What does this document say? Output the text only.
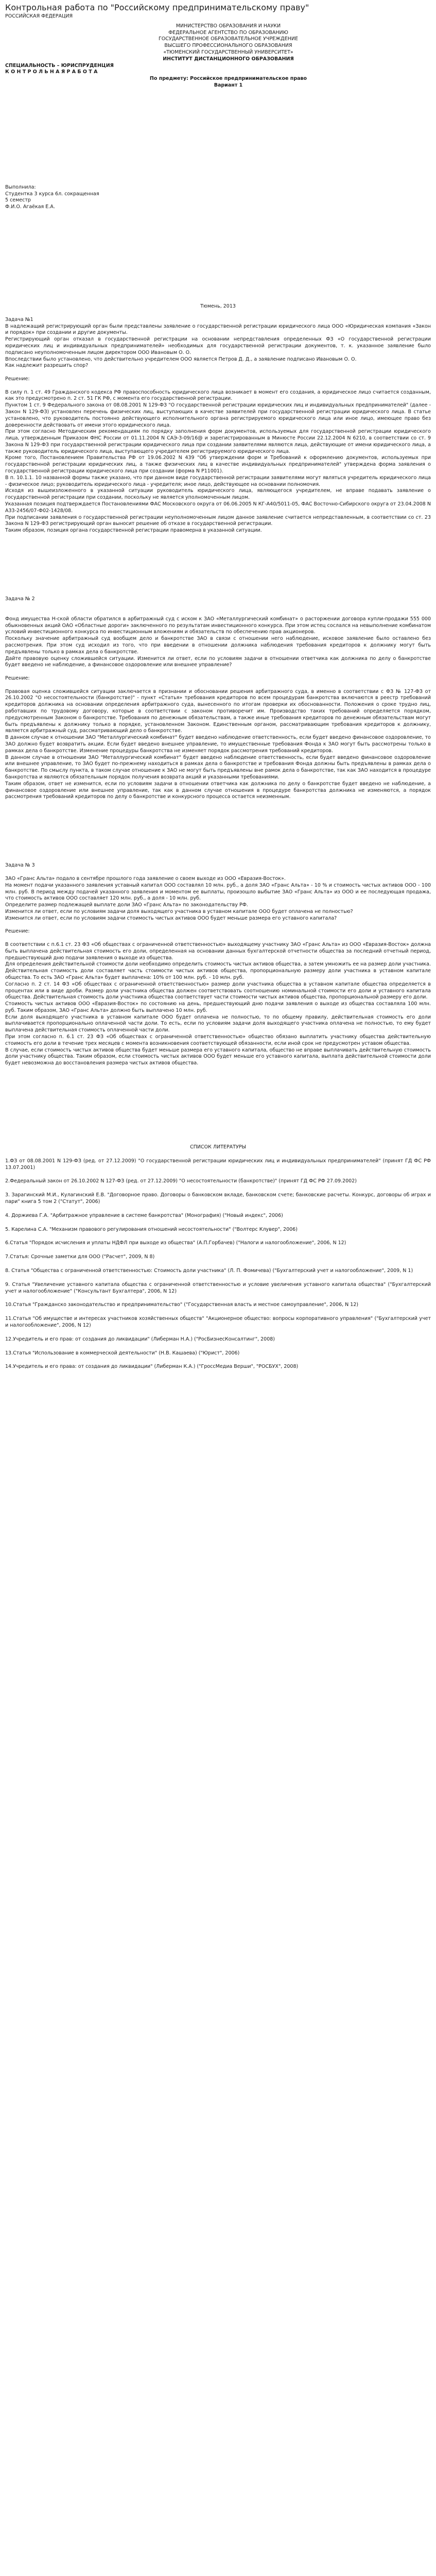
Контрольная работа по "Российскому предпринимательскому праву"

РОССИЙСКАЯ ФЕДЕРАЦИЯ

МИНИСТЕРСТВО ОБРАЗОВАНИЯ И НАУКИ

ФЕДЕРАЛЬНОЕ АГЕНТСТВО ПО ОБРАЗОВАНИЮ

ГОСУДАРСТВЕННОЕ ОБРАЗОВАТЕЛЬНОЕ УЧРЕЖДЕНИЕ

ВЫСШЕГО ПРОФЕССИОНАЛЬНОГО ОБРАЗОВАНИЯ

«ТЮМЕНСКИЙ ГОСУДАРСТВЕННЫЙ УНИВЕРСИТЕТ»

ИНСТИТУТ ДИСТАНЦИОННОГО ОБРАЗОВАНИЯ

СПЕЦИАЛЬНОСТЬ – ЮРИСПРУДЕНЦИЯ

К О Н Т Р О Л Ь Н А Я Р А Б О Т А

По предмету: Российское предпринимательское право

Вариант 1

Выполнила:

Студентка 3 курса 6л. сокращенная

5 семестр

Ф.И.О. Агаёкая Е.А.

Тюмень, 2013

Задача №1

В надлежащий регистрирующий орган были представлены заявление о государственной регистрации юридического лица ООО «Юридическая компания «Закон и порядок» при создании и другие документы.

Регистрирующий орган отказал в государственной регистрации на основании непредставления определенных ФЗ «О государственной регистрации юридических лиц и индивидуальных предпринимателей» необходимых для государственной регистрации документов, т. к. указанное заявление было подписано неуполномоченным лицом директором ООО Ивановым О. О.

Впоследствии было установлено, что действительно учредителем ООО является Петров Д. Д., а заявление подписано Ивановым О. О.

Как надлежит разрешить спор?

Решение:

В силу п. 1 ст. 49 Гражданского кодекса РФ правоспособность юридического лица возникает в момент его создания, а юридическое лицо считается созданным, как это предусмотрено п. 2 ст. 51 ГК РФ, с момента его государственной регистрации.

Пунктом 1 ст. 9 Федерального закона от 08.08.2001 N 129-ФЗ "О государственной регистрации юридических лиц и индивидуальных предпринимателей" (далее - Закон N 129-ФЗ) установлен перечень физических лиц, выступающих в качестве заявителей при государственной регистрации юридического лица. В статье установлено, что руководитель постоянно действующего исполнительного органа регистрируемого юридического лица или иное лицо, имеющее право без доверенности действовать от имени этого юридического лица.

При этом согласно Методическим рекомендациям по порядку заполнения форм документов, используемых для государственной регистрации юридического лица, утвержденным Приказом ФНС России от 01.11.2004 N САЭ-3-09/16@ и зарегистрированным в Минюсте России 22.12.2004 N 6210, в соответствии со ст. 9 Закона N 129-ФЗ при государственной регистрации юридического лица при создании заявителями являются лица, действующие от имени юридического лица, а также руководитель юридического лица, выступающего учредителем регистрируемого юридического лица.

Кроме того, Постановлением Правительства РФ от 19.06.2002 N 439 "Об утверждении форм и Требований к оформлению документов, используемых при государственной регистрации юридических лиц, а также физических лиц в качестве индивидуальных предпринимателей" утверждена форма заявления о государственной регистрации юридического лица при создании (форма N Р11001).

В п. 10.1.1. 10 названной формы также указано, что при данном виде государственной регистрации заявителями могут являться учредитель юридического лица - физическое лицо; руководитель юридического лица - учредителя; иное лицо, действующее на основании полномочия.

Исходя из вышеизложенного в указанной ситуации руководитель юридического лица, являющегося учредителем, не вправе подавать заявление о государственной регистрации при создании, поскольку не является уполномоченным лицом.

Указанная позиция подтверждается Постановлениями ФАС Московского округа от 06.06.2005 N КГ-А40/5011-05, ФАС Восточно-Сибирского округа от 23.04.2008 N А33-2456/07-Ф02-1428/08.

При подписании заявления о государственной регистрации неуполномоченным лицом данное заявление считается непредставленным, в соответствии со ст. 23 Закона N 129-ФЗ регистрирующий орган выносит решение об отказе в государственной регистрации.

Таким образом, позиция органа государственной регистрации правомерна в указанной ситуации.

Задача № 2

Фонд имущества Н-ской области обратился в арбитражный суд с иском к ЗАО «Металлургический комбинат» о расторжении договора купли-продажи 555 000 обыкновенных акций ОАО «Областные дороги» заключенного по результатам инвестиционного конкурса. При этом истец сослался на невыполнение комбинатом условий инвестиционного конкурса по инвестиционным вложениям и обязательств по обеспечению прав акционеров.

Поскольку значение арбитражный суд вообщем дело и банкротстве ЗАО в связи с отношении него наблюдение, исковое заявление было оставлено без рассмотрения. При этом суд исходил из того, что при введении в отношении должника наблюдения требования кредиторов к должнику могут быть предъявлены только в рамках дела о банкротстве.

Дайте правовую оценку сложившейся ситуации. Изменится ли ответ, если по условиям задачи в отношении ответчика как должника по делу о банкротстве будет введено не наблюдение, а финансовое оздоровление или внешнее управление?

Решение:

Правовая оценка сложившейся ситуации заключается в признании и обосновании решения арбитражного суда, в именно в соответствии с ФЗ № 127-ФЗ от 26.10.2002 "О несостоятельности (банкротстве)" - пункт «Статья» требования кредиторов по всем процедурам банкротства включаются в реестр требований кредиторов должника на основании определения арбитражного суда, вынесенного по итогам проверки их обоснованности. Положения о сроке трудно лиц, работавших по трудовому договору, которые в соответствии с законом противоречит им. Производство таких требований определяется порядком, предусмотренным Законом о банкротстве. Требования по денежным обязательствам, а также иные требования кредиторов по денежным обязательствам могут быть предъявлены к должнику только в порядке, установленном Законом. Единственным органом, рассматривающим требования кредиторов к должнику, является арбитражный суд, рассматривающий дело о банкротстве.

В данном случае к отношении ЗАО "Металлургический комбинат" будет введено наблюдение ответственность, если будет введено финансовое оздоровление, то ЗАО должно будет возвратить акции. Если будет введено внешнее управление, то имущественные требования Фонда к ЗАО могут быть рассмотрены только в рамках дела о банкротстве. Изменение процедуры банкротства не изменяет порядок рассмотрения требований кредиторов.

В данном случае в отношении ЗАО "Металлургический комбинат" будет введено наблюдение ответственность, если будет введено финансовое оздоровление или внешнее управление, то ЗАО будет по-прежнему находиться в рамках дела о банкротстве и требования Фонда должны быть предъявлены в рамках дела о банкротстве. По смыслу пункта, в таком случае отношение к ЗАО не могут быть предъявлены вне рамок дела о банкротстве, так как ЗАО находится в процедуре банкротства и являются обязательным порядок получения возврата акций и указанными требованиями.

Таким образом, ответ не изменится, если по условиям задачи в отношении ответчика как должника по делу о банкротстве будет введено не наблюдение, а финансовое оздоровление или внешнее управление, так как в данном случае отношения в процедуре банкротства должника не изменяются, а порядок рассмотрения требований кредиторов по делу о банкротстве и конкурсного процесса остается неизменным.

Задача № 3

ЗАО «Гранс Альта» подало в сентябре прошлого года заявление о своем выходе из ООО «Евразия-Восток».

На момент подачи указанного заявления уставный капитал ООО составлял 10 млн. руб., а доля ЗАО «Гранс Альта» - 10 % и стоимость чистых активов ООО - 100 млн. руб. В период между подачей указанного заявления и моментом ее выплаты, произошло выбытие ЗАО «Гранс Альта» из ООО и ее последующая продажа, что стоимость активов ООО составляет 120 млн. руб., а доля - 10 млн. руб.

Определите размер подлежащей выплате доли ЗАО «Гранс Альта» по законодательству РФ.

Изменится ли ответ, если по условиям задачи доля выходящего участника в уставном капитале ООО будет оплачена не полностью?

Изменится ли ответ, если по условиям задачи стоимость чистых активов ООО будет меньше размера его уставного капитала?

Решение:

В соответствии с п.6.1 ст. 23 ФЗ «Об обществах с ограниченной ответственностью» выходящему участнику ЗАО «Гранс Альта» из ООО «Евразия-Восток» должна быть выплачена действительная стоимость его доли, определенная на основании данных бухгалтерской отчетности общества за последний отчетный период, предшествующий дню подачи заявления о выходе из общества.

Для определения действительной стоимости доли необходимо определить стоимость чистых активов общества, а затем умножить ее на размер доли участника. Действительная стоимость доли составляет часть стоимости чистых активов общества, пропорциональную размеру доли участника в уставном капитале общества. То есть ЗАО «Гранс Альта» будет выплачена: 10% от 100 млн. руб. - 10 млн. руб.

Согласно п. 2 ст. 14 ФЗ «Об обществах с ограниченной ответственностью» размер доли участника общества в уставном капитале общества определяется в процентах или в виде дроби. Размер доли участника общества должен соответствовать соотношению номинальной стоимости его доли и уставного капитала общества. Действительная стоимость доли участника общества соответствует части стоимости чистых активов общества, пропорциональной размеру его доли.

Стоимость чистых активов ООО «Евразия-Восток» по состоянию на день, предшествующий дню подачи заявления о выходе из общества составляла 100 млн. руб. Таким образом, ЗАО «Гранс Альта» должно быть выплачено 10 млн. руб.

Если доля выходящего участника в уставном капитале ООО будет оплачена не полностью, то по общему правилу, действительная стоимость его доли выплачивается пропорционально оплаченной части доли. То есть, если по условиям задачи доля выходящего участника оплачена не полностью, то ему будет выплачена действительная стоимость оплаченной части доли.

При этом согласно п. 6.1 ст. 23 ФЗ «Об обществах с ограниченной ответственностью» общество обязано выплатить участнику общества действительную стоимость его доли в течение трех месяцев с момента возникновения соответствующей обязанности, если иной срок не предусмотрен уставом общества.

В случае, если стоимость чистых активов общества будет меньше размера его уставного капитала, общество не вправе выплачивать действительную стоимость доли участнику общества. Таким образом, если стоимость чистых активов ООО будет меньше его уставного капитала, выплата действительной стоимости доли будет невозможна до восстановления размера чистых активов общества.

СПИСОК ЛИТЕРАТУРЫ

1.ФЗ от 08.08.2001 N 129-ФЗ (ред. от 27.12.2009) "О государственной регистрации юридических лиц и индивидуальных предпринимателей" (принят ГД ФС РФ 13.07.2001)

2.Федеральный закон от 26.10.2002 N 127-ФЗ (ред. от 27.12.2009) "О несостоятельности (банкротстве)" (принят ГД ФС РФ 27.09.2002)

3. Зарагинский М.И., Кулагинский Е.В. "Договорное право. Договоры о банковском вкладе, банковском счете; банковские расчеты. Конкурс, договоры об играх и пари" книга 5 том 2 ("Статут", 2006)

4. Доржиева Г.А. "Арбитражное управление в системе банкротства" (Монография) ("Новый индекс", 2006)

5. Карелина С.А. "Механизм правового регулирования отношений несостоятельности" ("Волтерс Клувер", 2006)

6.Статья "Порядок исчисления и уплаты НДФЛ при выходе из общества" (А.П.Горбачев) ("Налоги и налогообложение", 2006, N 12)

7.Статья: Срочные заметки для ООО ("Расчет", 2009, N 8)

8. Статья "Общества с ограниченной ответственностью: Стоимость доли участника" (Л. П. Фомичева) ("Бухгалтерский учет и налогообложение", 2009, N 1)

9. Статья "Увеличение уставного капитала общества с ограниченной ответственностью и условие увеличения уставного капитала общества" ("Бухгалтерский учет и налогообложение" ("Консультант Бухгалтера", 2006, N 12)

10.Статья "Гражданско законодательство и предпринимательство" ("Государственная власть и местное самоуправление", 2006, N 12)

11.Статья "Об имуществе и интересах участников хозяйственных обществ" "Акционерное общество: вопросы корпоративного управления" ("Бухгалтерский учет и налогообложение", 2006, N 12)

12.Учредитель и его прав: от создания до ликвидации" (Либерман Н.А.) ("РосБизнесКонсалтинг", 2008)

13.Статья "Использование в коммерческой деятельности" (Н.В. Кашаева) ("Юрист", 2006)

14.Учредитель и его права: от создания до ликвидации" (Либерман К.А.) ("ГроссМедиа Верши", "РОСБУХ", 2008)
